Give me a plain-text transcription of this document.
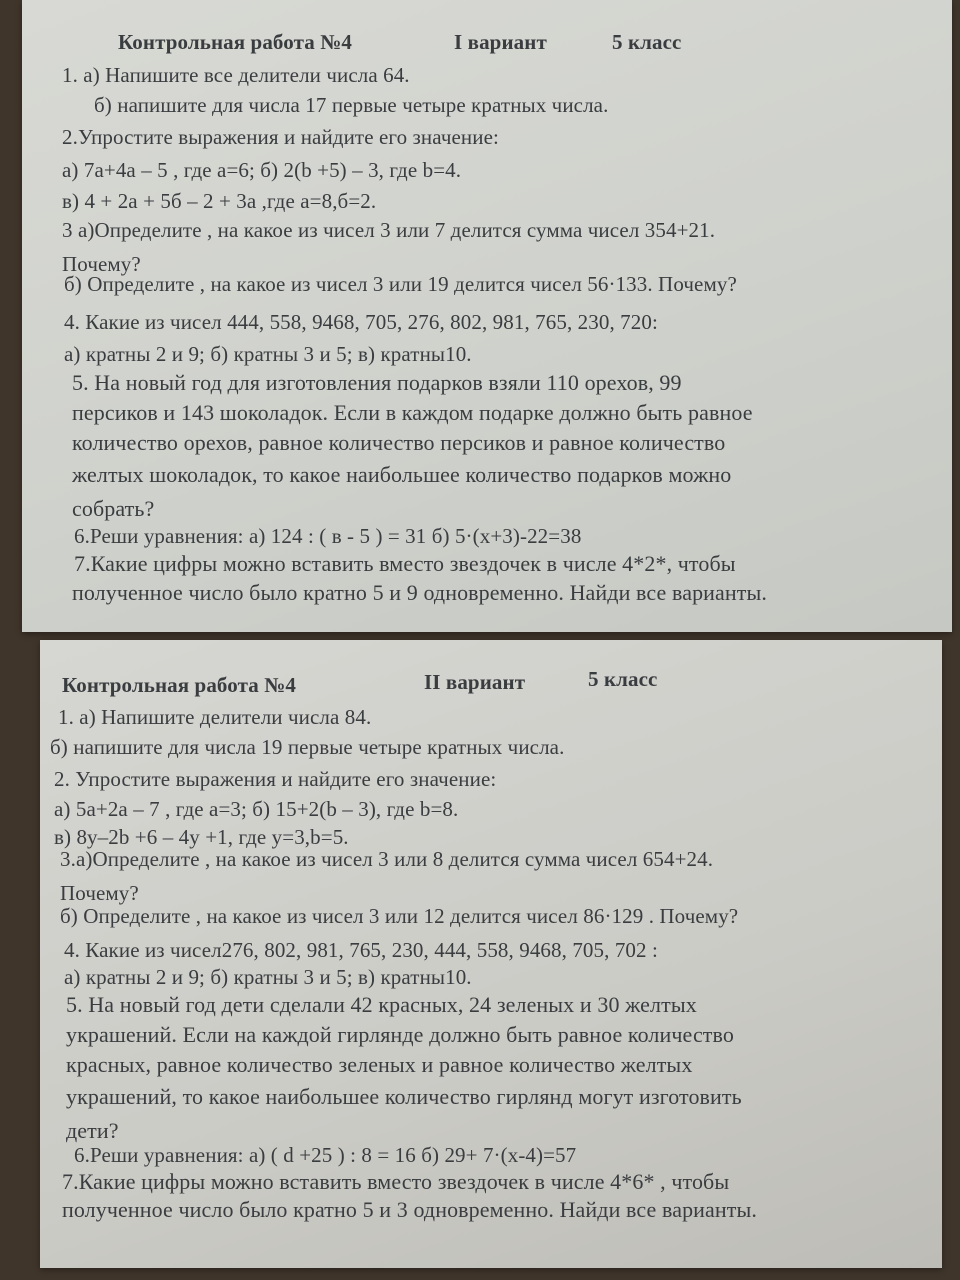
Контрольная работа №4	I вариант	5 класс
1. а) Напишите все делители числа 64.
б) напишите для числа 17 первые четыре кратных числа.
2.Упростите выражения и найдите его значение:
а) 7а+4а – 5 , где а=6; б) 2(b +5) – 3, где b=4.
в) 4 + 2а + 5б – 2 + 3а ,где а=8,б=2.
3 а)Определите , на какое из чисел 3 или 7 делится сумма чисел 354+21.
Почему?
б) Определите , на какое из чисел 3 или 19 делится чисел 56·133. Почему?
4. Какие из чисел 444, 558, 9468, 705, 276, 802, 981, 765, 230, 720:
а) кратны 2 и 9; б) кратны 3 и 5; в) кратны10.
5. На новый год для изготовления подарков взяли 110 орехов, 99
персиков и 143 шоколадок. Если в каждом подарке должно быть равное
количество орехов, равное количество персиков и равное количество
желтых шоколадок, то какое наибольшее количество подарков можно
собрать?
6.Реши уравнения: а) 124 : ( в - 5 ) = 31 б) 5·(х+3)-22=38
7.Какие цифры можно вставить вместо звездочек в числе 4*2*, чтобы
полученное число было кратно 5 и 9 одновременно. Найди все варианты.
Контрольная работа №4	II вариант	5 класс
1. а) Напишите делители числа 84.
б) напишите для числа 19 первые четыре кратных числа.
2. Упростите выражения и найдите его значение:
а) 5а+2а – 7 , где а=3; б) 15+2(b – 3), где b=8.
в) 8у–2b +6 – 4у +1, где у=3,b=5.
3.а)Определите , на какое из чисел 3 или 8 делится сумма чисел 654+24.
Почему?
б) Определите , на какое из чисел 3 или 12 делится чисел 86·129 . Почему?
4. Какие из чисел276, 802, 981, 765, 230, 444, 558, 9468, 705, 702 :
а) кратны 2 и 9; б) кратны 3 и 5; в) кратны10.
5. На новый год дети сделали 42 красных, 24 зеленых и 30 желтых
украшений. Если на каждой гирлянде должно быть равное количество
красных, равное количество зеленых и равное количество желтых
украшений, то какое наибольшее количество гирлянд могут изготовить
дети?
6.Реши уравнения: а) ( d +25 ) : 8 = 16 б) 29+ 7·(х-4)=57
7.Какие цифры можно вставить вместо звездочек в числе 4*6* , чтобы
полученное число было кратно 5 и 3 одновременно. Найди все варианты.
